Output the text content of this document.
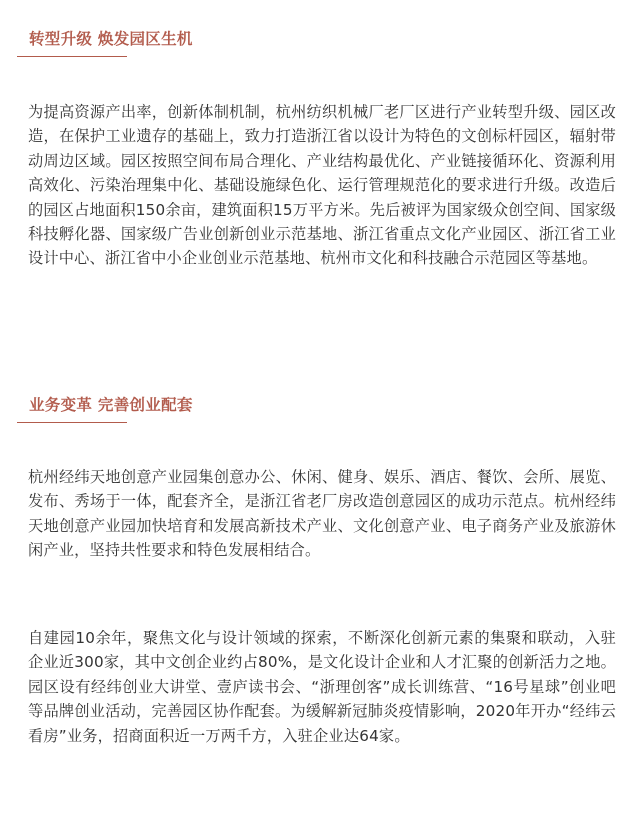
转型升级 焕发园区生机

为提高资源产出率，创新体制机制，杭州纺织机械厂老厂区进行产业转型升级、园区改造，在保护工业遗存的基础上，致力打造浙江省以设计为特色的文创标杆园区，辐射带动周边区域。园区按照空间布局合理化、产业结构最优化、产业链接循环化、资源利用高效化、污染治理集中化、基础设施绿色化、运行管理规范化的要求进行升级。改造后的园区占地面积150余亩，建筑面积15万平方米。先后被评为国家级众创空间、国家级科技孵化器、国家级广告业创新创业示范基地、浙江省重点文化产业园区、浙江省工业设计中心、浙江省中小企业创业示范基地、杭州市文化和科技融合示范园区等基地。

业务变革 完善创业配套

杭州经纬天地创意产业园集创意办公、休闲、健身、娱乐、酒店、餐饮、会所、展览、发布、秀场于一体，配套齐全，是浙江省老厂房改造创意园区的成功示范点。杭州经纬天地创意产业园加快培育和发展高新技术产业、文化创意产业、电子商务产业及旅游休闲产业，坚持共性要求和特色发展相结合。

自建园10余年，聚焦文化与设计领域的探索，不断深化创新元素的集聚和联动，入驻企业近300家，其中文创企业约占80%，是文化设计企业和人才汇聚的创新活力之地。园区设有经纬创业大讲堂、壹庐读书会、“浙理创客”成长训练营、“16号星球”创业吧等品牌创业活动，完善园区协作配套。为缓解新冠肺炎疫情影响，2020年开办“经纬云看房”业务，招商面积近一万两千方，入驻企业达64家。
